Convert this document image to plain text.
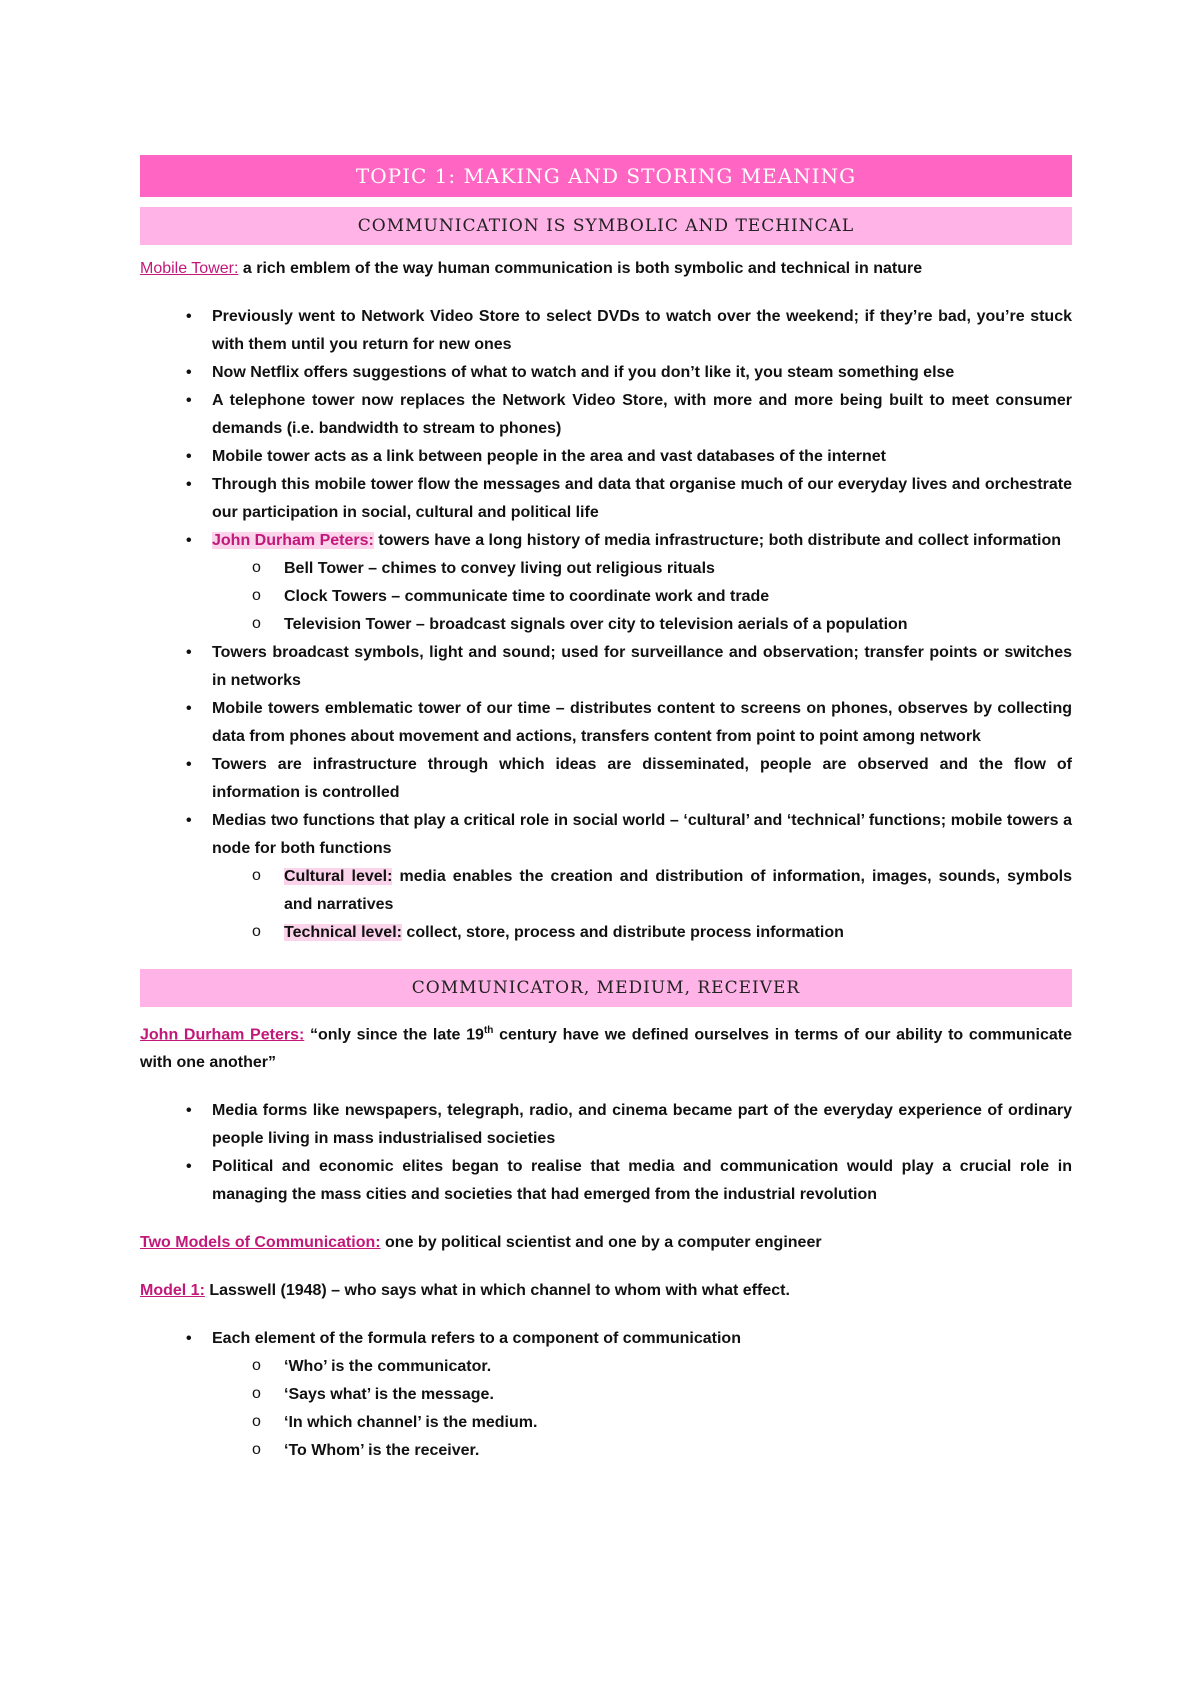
TOPIC 1: MAKING AND STORING MEANING
COMMUNICATION IS SYMBOLIC AND TECHINCAL

Mobile Tower: a rich emblem of the way human communication is both symbolic and technical in nature

• Previously went to Network Video Store to select DVDs to watch over the weekend; if they’re bad, you’re stuck with them until you return for new ones
• Now Netflix offers suggestions of what to watch and if you don’t like it, you steam something else
• A telephone tower now replaces the Network Video Store, with more and more being built to meet consumer demands (i.e. bandwidth to stream to phones)
• Mobile tower acts as a link between people in the area and vast databases of the internet
• Through this mobile tower flow the messages and data that organise much of our everyday lives and orchestrate our participation in social, cultural and political life
• John Durham Peters: towers have a long history of media infrastructure; both distribute and collect information
o	Bell Tower – chimes to convey living out religious rituals
o	Clock Towers – communicate time to coordinate work and trade
o	Television Tower – broadcast signals over city to television aerials of a population
• Towers broadcast symbols, light and sound; used for surveillance and observation; transfer points or switches in networks
• Mobile towers emblematic tower of our time – distributes content to screens on phones, observes by collecting data from phones about movement and actions, transfers content from point to point among network
• Towers are infrastructure through which ideas are disseminated, people are observed and the flow of information is controlled
• Medias two functions that play a critical role in social world – ‘cultural’ and ‘technical’ functions; mobile towers a node for both functions
o	Cultural level: media enables the creation and distribution of information, images, sounds, symbols and narratives
o	Technical level: collect, store, process and distribute process information
COMMUNICATOR, MEDIUM, RECEIVER

John Durham Peters: “only since the late 19th century have we defined ourselves in terms of our ability to communicate with one another”

• Media forms like newspapers, telegraph, radio, and cinema became part of the everyday experience of ordinary people living in mass industrialised societies
• Political and economic elites began to realise that media and communication would play a crucial role in managing the mass cities and societies that had emerged from the industrial revolution

Two Models of Communication: one by political scientist and one by a computer engineer

Model 1: Lasswell (1948) – who says what in which channel to whom with what effect.

• Each element of the formula refers to a component of communication
o	‘Who’ is the communicator.
o	‘Says what’ is the message.
o	‘In which channel’ is the medium.
o	‘To Whom’ is the receiver.
